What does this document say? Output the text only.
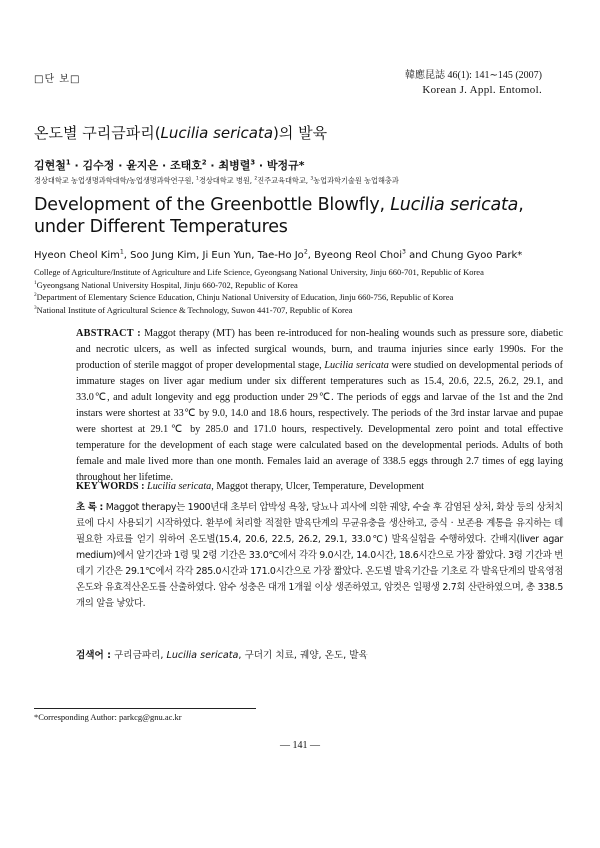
□단 보□	韓應昆誌 46(1): 141∼145 (2007)
Korean J. Appl. Entomol.
온도별 구리금파리(Lucilia sericata)의 발육
김현철$^1$ · 김수정 · 윤지은 · 조태호$^2$ · 최병렬$^3$ · 박정규*
경상대학교 농업생명과학대학/농업생명과학연구원, $^1$경상대학교 병원, $^2$진주교육대학교, $^3$농업과학기술원 농업해충과
Development of the Greenbottle Blowfly, Lucilia sericata, under Different Temperatures
Hyeon Cheol Kim$^1$, Soo Jung Kim, Ji Eun Yun, Tae-Ho Jo$^2$, Byeong Reol Choi$^3$ and Chung Gyoo Park*
College of Agriculture/Institute of Agriculture and Life Science, Gyeongsang National University, Jinju 660-701, Republic of Korea
$^1$Gyeongsang National University Hospital, Jinju 660-702, Republic of Korea
$^2$Department of Elementary Science Education, Chinju National University of Education, Jinju 660-756, Republic of Korea
$^3$National Institute of Agricultural Science & Technology, Suwon 441-707, Republic of Korea
ABSTRACT : Maggot therapy (MT) has been re-introduced for non-healing wounds such as pressure sore, diabetic and necrotic ulcers, as well as infected surgical wounds, burn, and trauma injuries since early 1990s. For the production of sterile maggot of proper developmental stage, Lucilia sericata were studied on developmental periods of immature stages on liver agar medium under six different temperatures such as 15.4, 20.6, 22.5, 26.2, 29.1, and 33.0℃, and adult longevity and egg production under 29℃. The periods of eggs and larvae of the 1st and the 2nd instars were shortest at 33℃ by 9.0, 14.0 and 18.6 hours, respectively. The periods of the 3rd instar larvae and pupae were shortest at 29.1℃ by 285.0 and 171.0 hours, respectively. Developmental zero point and total effective temperature for the development of each stage were calculated based on the developmental periods. Adults of both female and male lived more than one month. Females laid an average of 338.5 eggs through 2.7 times of egg laying throughout her lifetime.
KEY WORDS : Lucilia sericata, Maggot therapy, Ulcer, Temperature, Development
초 록 : Maggot therapy는 1900년대 초부터 압박성 욕창, 당뇨나 괴사에 의한 궤양, 수술 후 감염된 상처, 화상 등의 상처치료에 다시 사용되기 시작하였다. 환부에 처리할 적절한 발육단계의 무균유충을 생산하고, 증식 · 보존용 계통을 유지하는 데 필요한 자료를 얻기 위하여 온도별(15.4, 20.6, 22.5, 26.2, 29.1, 33.0℃) 발육실험을 수행하였다. 간배지(liver agar medium)에서 알기간과 1령 및 2령 기간은 33.0℃에서 각각 9.0시간, 14.0시간, 18.6시간으로 가장 짧았다. 3령 기간과 번데기 기간은 29.1℃에서 각각 285.0시간과 171.0시간으로 가장 짧았다. 온도별 발육기간을 기초로 각 발육단계의 발육영점온도와 유효적산온도를 산출하였다. 암수 성충은 대개 1개월 이상 생존하였고, 암컷은 일평생 2.7회 산란하였으며, 총 338.5개의 알을 낳았다.
검색어 : 구리금파리, Lucilia sericata, 구더기 치료, 궤양, 온도, 발육
*Corresponding Author: parkcg@gnu.ac.kr
— 141 —
